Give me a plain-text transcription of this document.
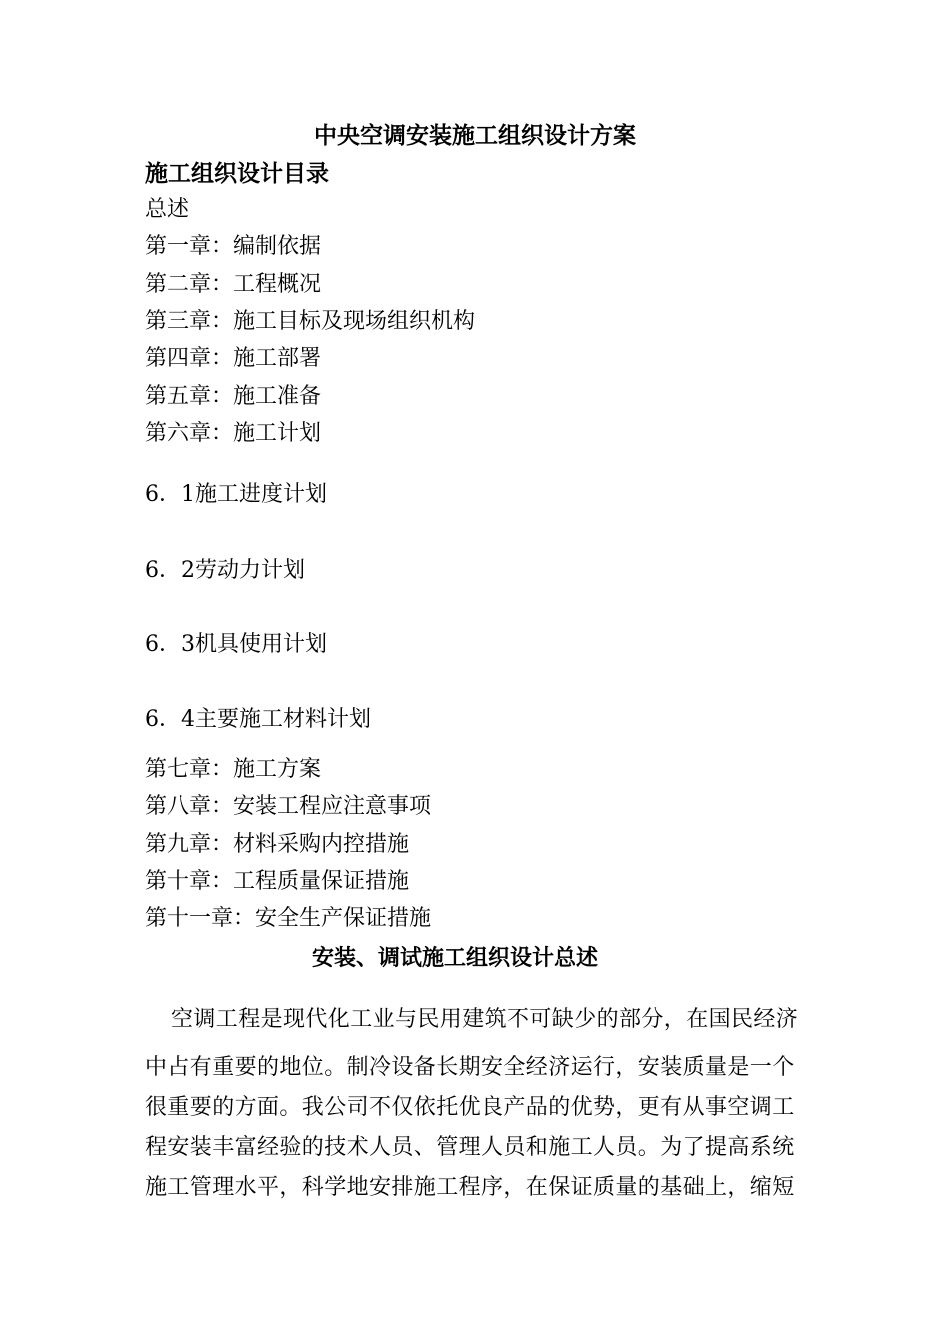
中央空调安装施工组织设计方案
施工组织设计目录
总述
第一章：编制依据
第二章：工程概况
第三章：施工目标及现场组织机构
第四章：施工部署
第五章：施工准备
第六章：施工计划
6．1施工进度计划
6．2劳动力计划
6．3机具使用计划
6．4主要施工材料计划
第七章：施工方案
第八章：安装工程应注意事项
第九章：材料采购内控措施
第十章：工程质量保证措施
第十一章：安全生产保证措施
安装、调试施工组织设计总述
空调工程是现代化工业与民用建筑不可缺少的部分，在国民经济
中占有重要的地位。制冷设备长期安全经济运行，安装质量是一个
很重要的方面。我公司不仅依托优良产品的优势，更有从事空调工
程安装丰富经验的技术人员、管理人员和施工人员。为了提高系统
施工管理水平，科学地安排施工程序，在保证质量的基础上，缩短
